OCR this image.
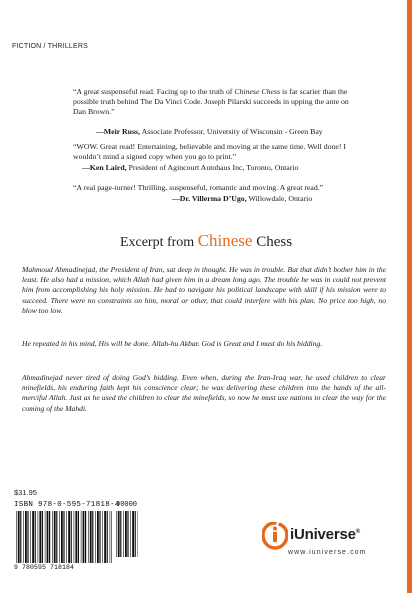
FICTION / THRILLERS

“A great suspenseful read. Facing up to the truth of Chinese Chess is far scarier than the possible truth behind The Da Vinci Code. Joseph Pilarski succeeds in upping the ante on Dan Brown.”

—Meir Russ, Associate Professor, University of Wisconsin - Green Bay

“WOW. Great read! Entertaining, believable and moving at the same time. Well done! I wouldn’t mind a signed copy when you go to print.”

—Ken Laird, President of Agincourt Autohaus Inc, Toronto, Ontario

“A real page-turner! Thrilling, suspenseful, romantic and moving. A great read.”

—Dr. Villerma D’Ugo, Willowdale, Ontario
Excerpt from Chinese Chess

Mahmoud Ahmadinejad, the President of Iran, sat deep in thought. He was in trouble. But that didn’t bother him in the least. He also had a mission, which Allah had given him in a dream long ago. The trouble he was in could not prevent him from accomplishing his holy mission. He had to navigate his political landscape with skill if his mission were to succeed. There were no constraints on him, moral or other, that could interfere with his plan. No price too high, no blow too low.

He repeated in his mind, His will be done. Allah-hu Akbar. God is Great and I must do his bidding.

Ahmadinejad never tired of doing God’s bidding. Even when, during the Iran-Iraq war, he used children to clear minefields, his enduring faith kept his conscience clear; he was delivering these children into the hands of the all-merciful Allah. Just as he used the children to clear the minefields, so now he must use nations to clear the way for the coming of the Mahdi.

$31.95
ISBN 978-0-595-71818-4
90000
9 780595 718184
iUniverse®
www.iuniverse.com
